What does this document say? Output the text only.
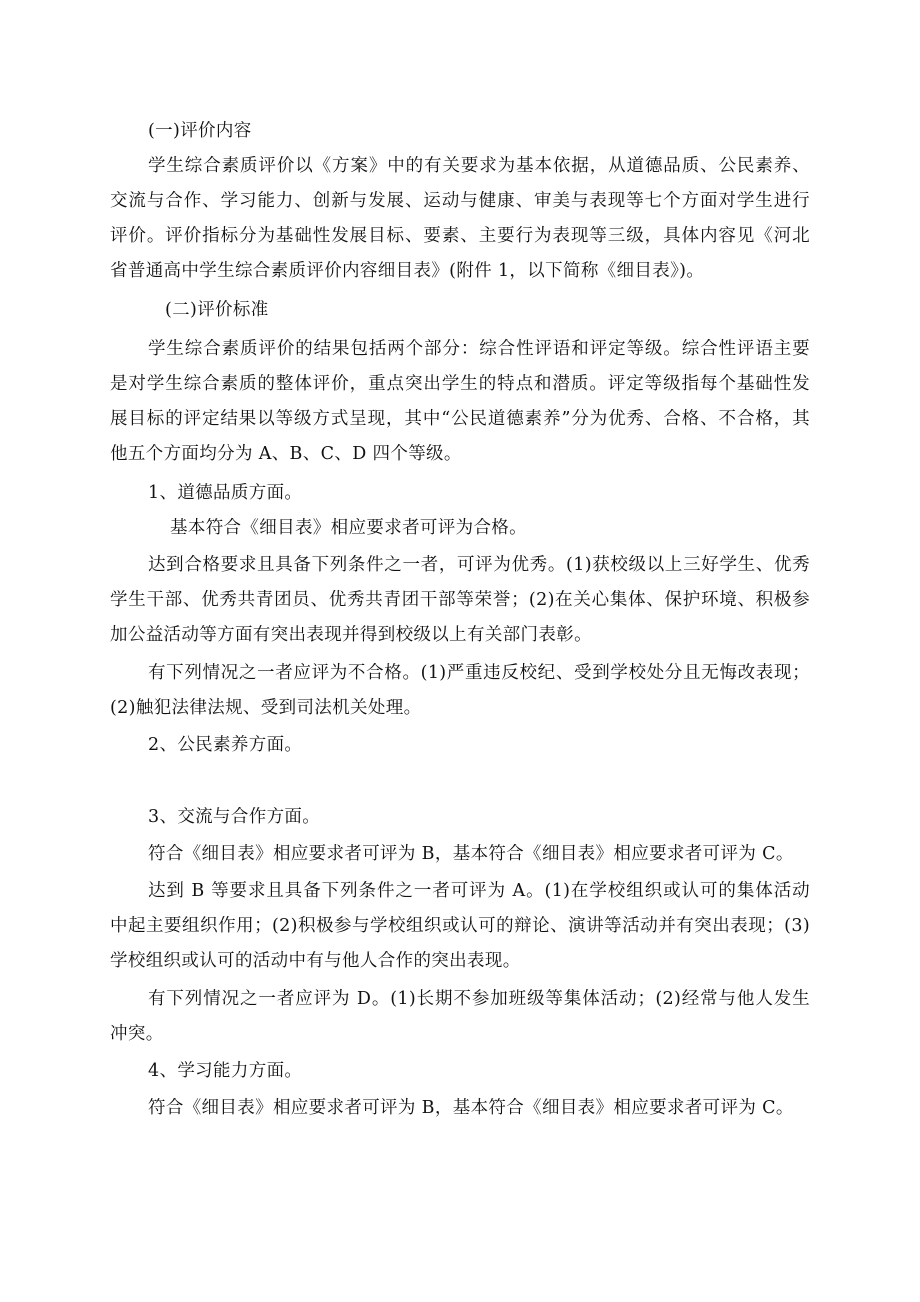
(一)评价内容
学生综合素质评价以《方案》中的有关要求为基本依据，从道德品质、公民素养、
交流与合作、学习能力、创新与发展、运动与健康、审美与表现等七个方面对学生进行
评价。评价指标分为基础性发展目标、要素、主要行为表现等三级，具体内容见《河北
省普通高中学生综合素质评价内容细目表》(附件 1，以下简称《细目表》)。
(二)评价标准
学生综合素质评价的结果包括两个部分：综合性评语和评定等级。综合性评语主要
是对学生综合素质的整体评价，重点突出学生的特点和潜质。评定等级指每个基础性发
展目标的评定结果以等级方式呈现，其中“公民道德素养”分为优秀、合格、不合格，其
他五个方面均分为 A、B、C、D 四个等级。
1、道德品质方面。
基本符合《细目表》相应要求者可评为合格。
达到合格要求且具备下列条件之一者，可评为优秀。(1)获校级以上三好学生、优秀
学生干部、优秀共青团员、优秀共青团干部等荣誉；(2)在关心集体、保护环境、积极参
加公益活动等方面有突出表现并得到校级以上有关部门表彰。
有下列情况之一者应评为不合格。(1)严重违反校纪、受到学校处分且无悔改表现；
(2)触犯法律法规、受到司法机关处理。
2、公民素养方面。
3、交流与合作方面。
符合《细目表》相应要求者可评为 B，基本符合《细目表》相应要求者可评为 C。
达到 B 等要求且具备下列条件之一者可评为 A。(1)在学校组织或认可的集体活动
中起主要组织作用；(2)积极参与学校组织或认可的辩论、演讲等活动并有突出表现；(3)
学校组织或认可的活动中有与他人合作的突出表现。
有下列情况之一者应评为 D。(1)长期不参加班级等集体活动；(2)经常与他人发生
冲突。
4、学习能力方面。
符合《细目表》相应要求者可评为 B，基本符合《细目表》相应要求者可评为 C。
